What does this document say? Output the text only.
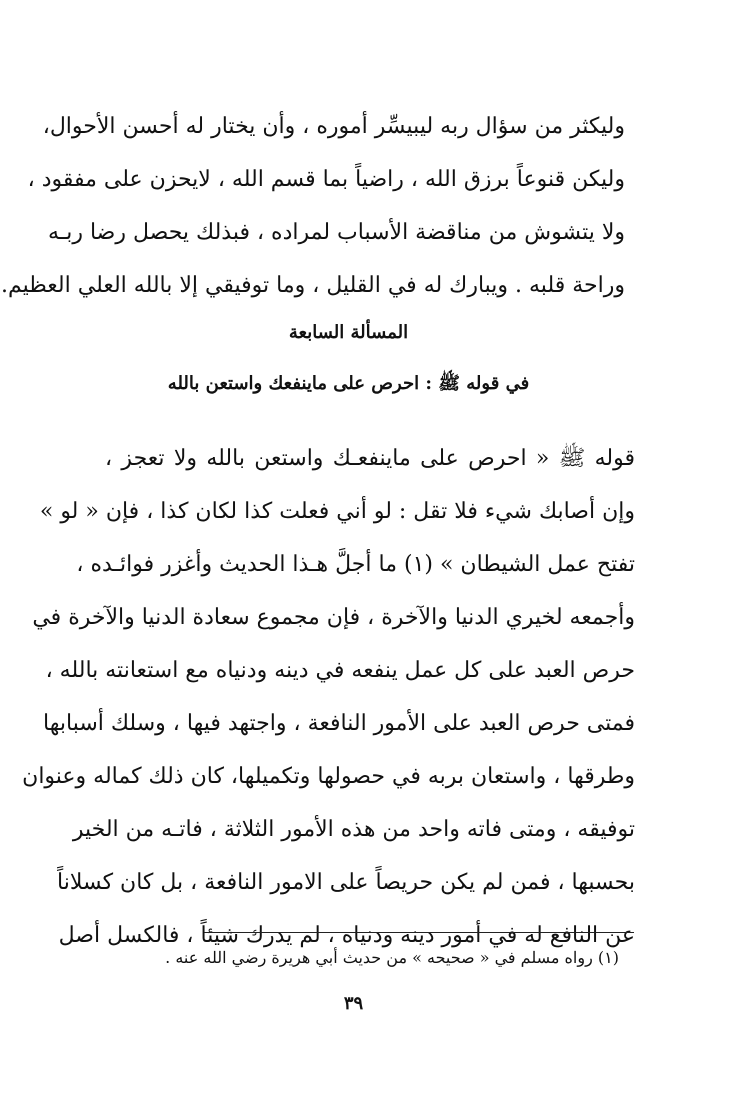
وليكثر من سؤال ربه ليبيسِّر أموره ، وأن يختار له أحسن الأحوال،
وليكن قنوعاً برزق الله ، راضياً بما قسم الله ، لايحزن على مفقود ،
ولا يتشوش من مناقضة الأسباب لمراده ، فبذلك يحصل رضا ربـه
وراحة قلبه . ويبارك له في القليل ، وما توفيقي إلا بالله العلي العظيم.
المسألة السابعة
في قوله ﷺ : احرص على ماينفعك واستعن بالله
قوله ﷺ « احرص على ماينفعـك واستعن بالله ولا تعجز ،
وإن أصابك شيء فلا تقل : لو أني فعلت كذا لكان كذا ، فإن « لو »
تفتح عمل الشيطان » (١) ما أجلَّ هـذا الحديث وأغزر فوائـده ،
وأجمعه لخيري الدنيا والآخرة ، فإن مجموع سعادة الدنيا والآخرة في
حرص العبد على كل عمل ينفعه في دينه ودنياه مع استعانته بالله ،
فمتى حرص العبد على الأمور النافعة ، واجتهد فيها ، وسلك أسبابها
وطرقها ، واستعان بربه في حصولها وتكميلها، كان ذلك كماله وعنوان
توفيقه ، ومتى فاته واحد من هذه الأمور الثلاثة ، فاتـه من الخير
بحسبها ، فمن لم يكن حريصاً على الامور النافعة ، بل كان كسلاناً
عن النافع له في أمور دينه ودنياه ، لم يدرك شيئاً ، فالكسل أصل
(١) رواه مسلم في « صحيحه » من حديث أبي هريرة رضي الله عنه .
٣٩
